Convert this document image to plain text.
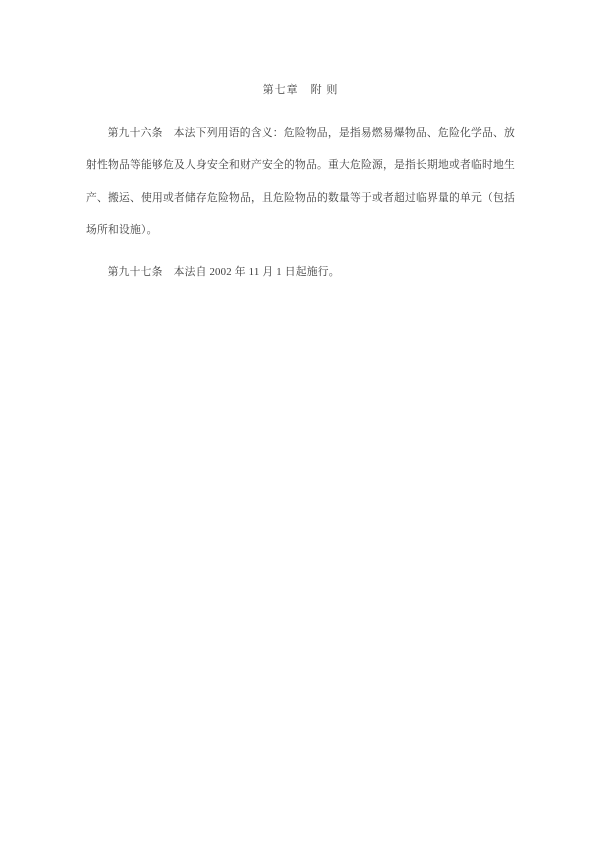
第七章　附 则

第九十六条　本法下列用语的含义：危险物品，是指易燃易爆物品、危险化学品、放射性物品等能够危及人身安全和财产安全的物品。重大危险源，是指长期地或者临时地生产、搬运、使用或者储存危险物品，且危险物品的数量等于或者超过临界量的单元（包括场所和设施）。

第九十七条　本法自 2002 年 11 月 1 日起施行。
